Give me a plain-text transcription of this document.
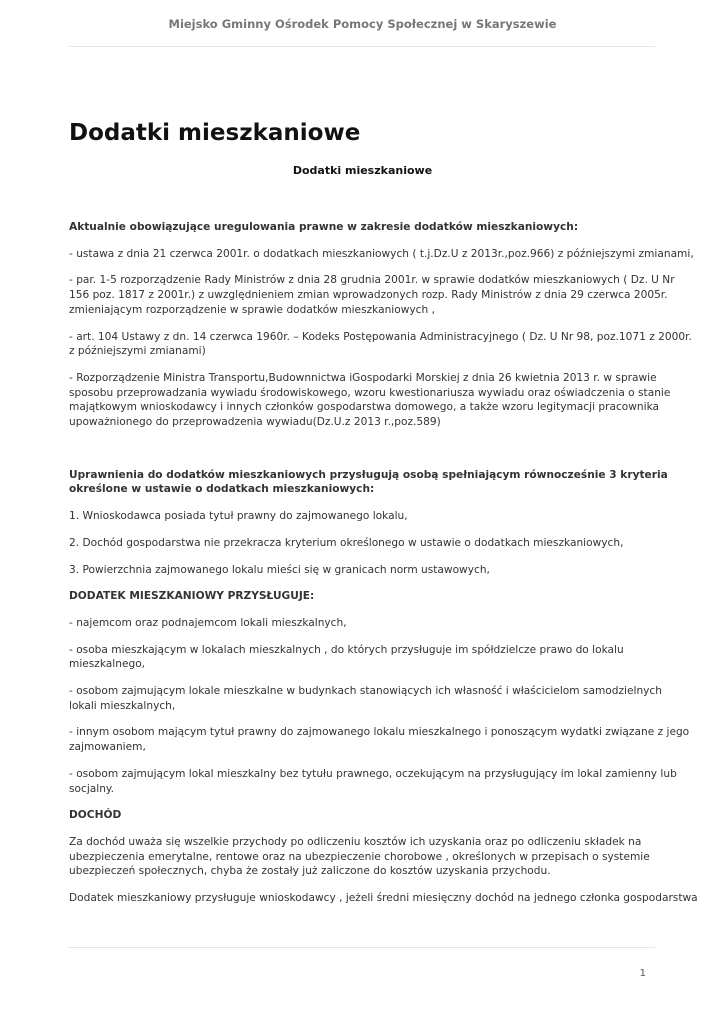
Miejsko Gminny Ośrodek Pomocy Społecznej w Skaryszewie
Dodatki mieszkaniowe
Dodatki mieszkaniowe

Aktualnie obowiązujące uregulowania prawne w zakresie dodatków mieszkaniowych:

- ustawa z dnia 21 czerwca 2001r. o dodatkach mieszkaniowych ( t.j.Dz.U z 2013r.,poz.966) z późniejszymi zmianami,

- par. 1-5 rozporządzenie Rady Ministrów z dnia 28 grudnia 2001r. w sprawie dodatków mieszkaniowych ( Dz. U Nr
156 poz. 1817 z 2001r.) z uwzględnieniem zmian wprowadzonych rozp. Rady Ministrów z dnia 29 czerwca 2005r.
zmieniającym rozporządzenie w sprawie dodatków mieszkaniowych ,

- art. 104 Ustawy z dn. 14 czerwca 1960r. – Kodeks Postępowania Administracyjnego ( Dz. U Nr 98, poz.1071 z 2000r.
z późniejszymi zmianami)

- Rozporządzenie Ministra Transportu,Budownnictwa iGospodarki Morskiej z dnia 26 kwietnia 2013 r. w sprawie
sposobu przeprowadzania wywiadu środowiskowego, wzoru kwestionariusza wywiadu oraz oświadczenia o stanie
majątkowym wnioskodawcy i innych członków gospodarstwa domowego, a także wzoru legitymacji pracownika
upoważnionego do przeprowadzenia wywiadu(Dz.U.z 2013 r.,poz.589)

Uprawnienia do dodatków mieszkaniowych przysługują osobą spełniającym równocześnie 3 kryteria
określone w ustawie o dodatkach mieszkaniowych:

1. Wnioskodawca posiada tytuł prawny do zajmowanego lokalu,

2. Dochód gospodarstwa nie przekracza kryterium określonego w ustawie o dodatkach mieszkaniowych,

3. Powierzchnia zajmowanego lokalu mieści się w granicach norm ustawowych,

DODATEK MIESZKANIOWY PRZYSŁUGUJE:

- najemcom oraz podnajemcom lokali mieszkalnych,

- osoba mieszkającym w lokalach mieszkalnych , do których przysługuje im spółdzielcze prawo do lokalu
mieszkalnego,

- osobom zajmującym lokale mieszkalne w budynkach stanowiących ich własność i właścicielom samodzielnych
lokali mieszkalnych,

- innym osobom mającym tytuł prawny do zajmowanego lokalu mieszkalnego i ponoszącym wydatki związane z jego
zajmowaniem,

- osobom zajmującym lokal mieszkalny bez tytułu prawnego, oczekującym na przysługujący im lokal zamienny lub
socjalny.

DOCHÓD

Za dochód uważa się wszelkie przychody po odliczeniu kosztów ich uzyskania oraz po odliczeniu składek na
ubezpieczenia emerytalne, rentowe oraz na ubezpieczenie chorobowe , określonych w przepisach o systemie
ubezpieczeń społecznych, chyba że zostały już zaliczone do kosztów uzyskania przychodu.

Dodatek mieszkaniowy przysługuje wnioskodawcy , jeżeli średni miesięczny dochód na jednego członka gospodarstwa

1
